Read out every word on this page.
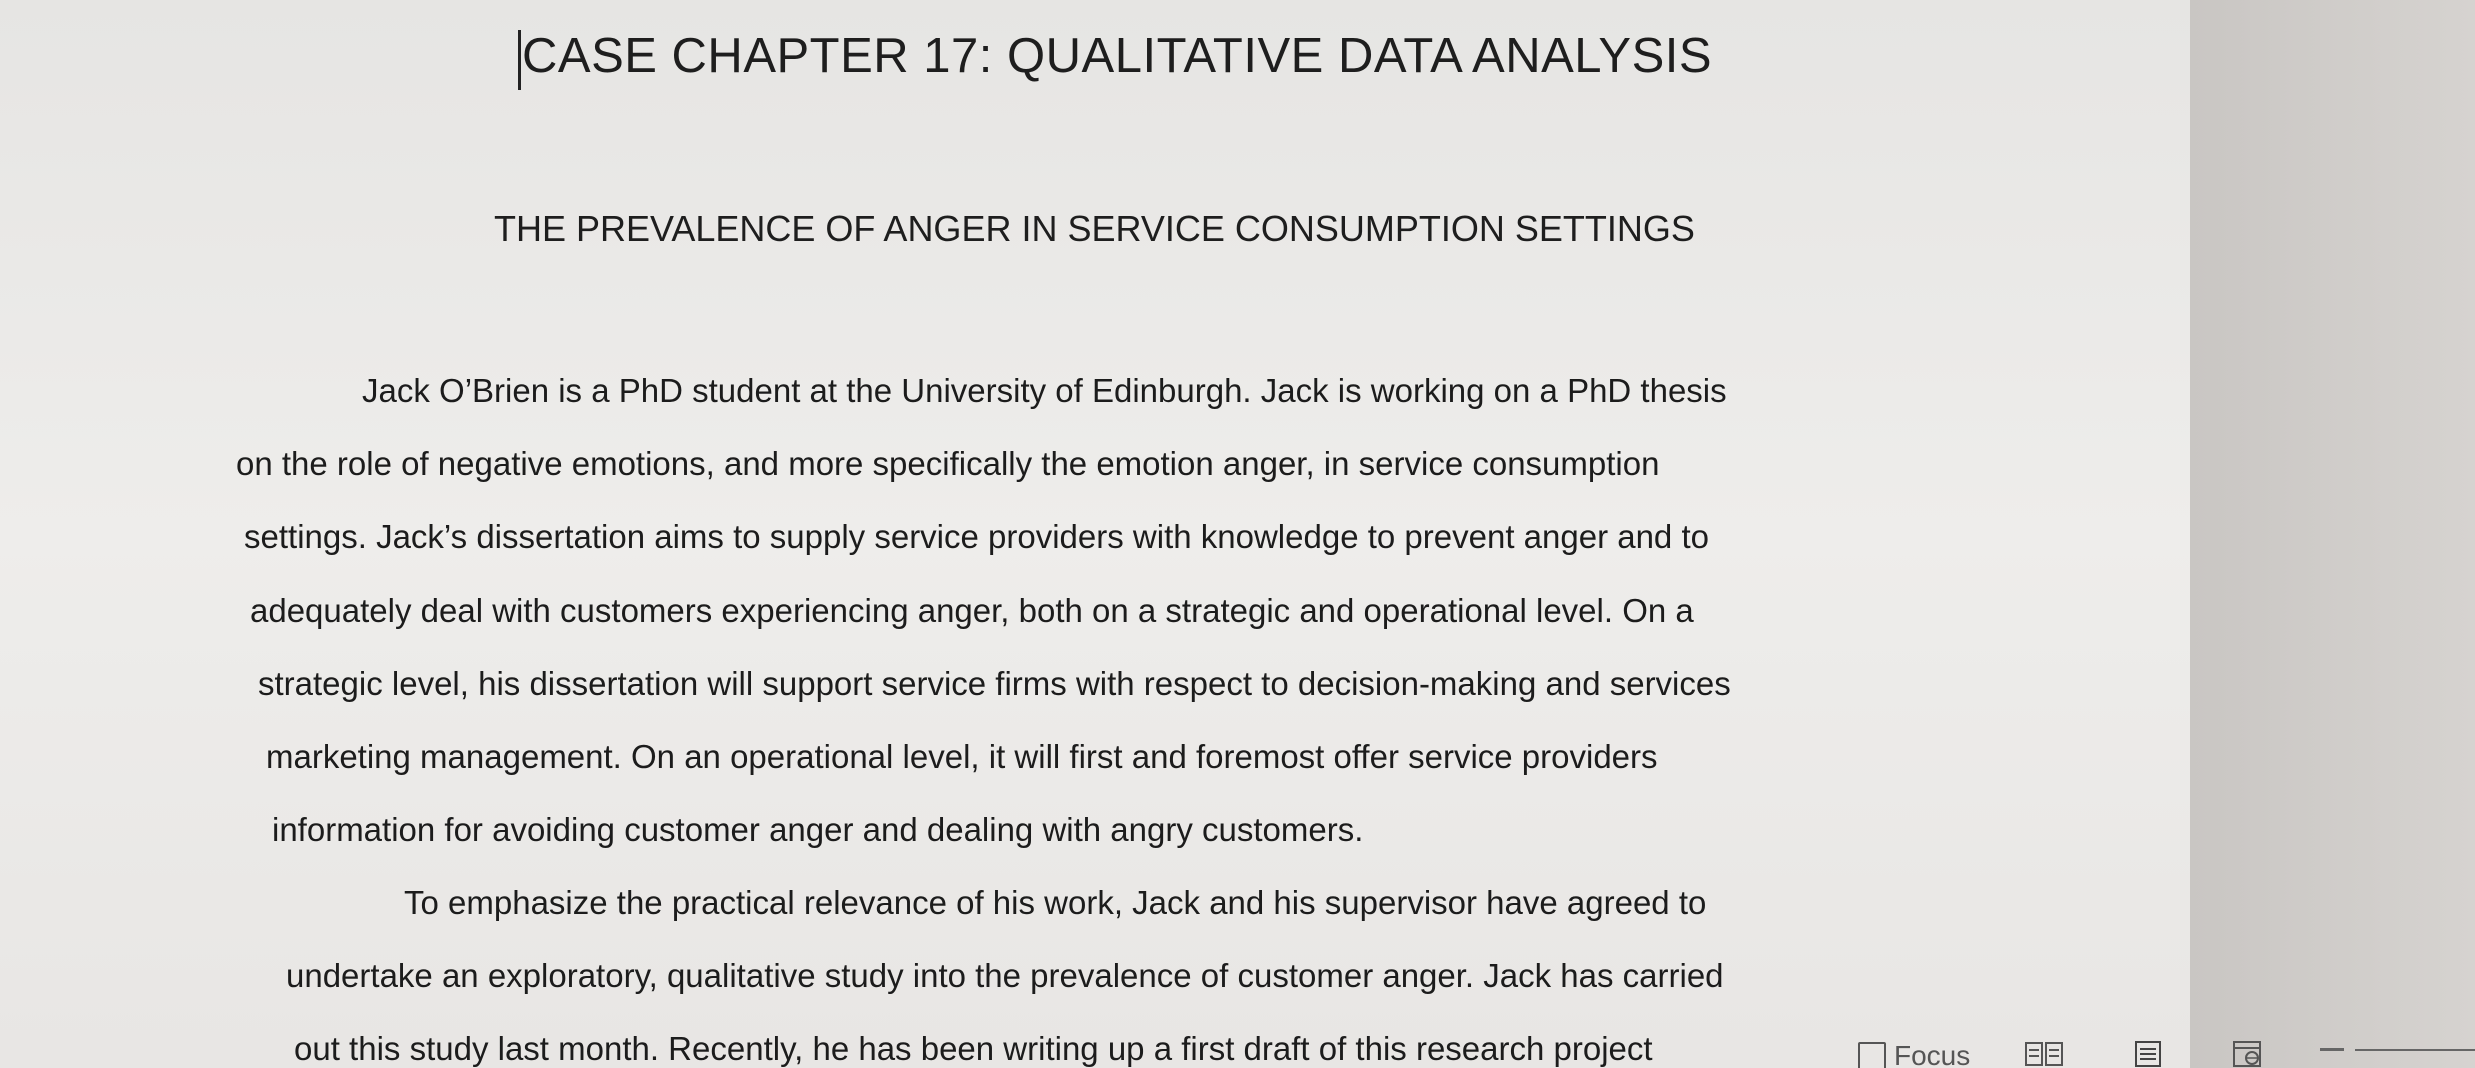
CASE CHAPTER 17: QUALITATIVE DATA ANALYSIS
THE PREVALENCE OF ANGER IN SERVICE CONSUMPTION SETTINGS
Jack O’Brien is a PhD student at the University of Edinburgh. Jack is working on a PhD thesis
on the role of negative emotions, and more specifically the emotion anger, in service consumption
settings. Jack’s dissertation aims to supply service providers with knowledge to prevent anger and to
adequately deal with customers experiencing anger, both on a strategic and operational level. On a
strategic level, his dissertation will support service firms with respect to decision-making and services
marketing management. On an operational level, it will first and foremost offer service providers
information for avoiding customer anger and dealing with angry customers.
To emphasize the practical relevance of his work, Jack and his supervisor have agreed to
undertake an exploratory, qualitative study into the prevalence of customer anger. Jack has carried
out this study last month. Recently, he has been writing up a first draft of this research project	Focus
